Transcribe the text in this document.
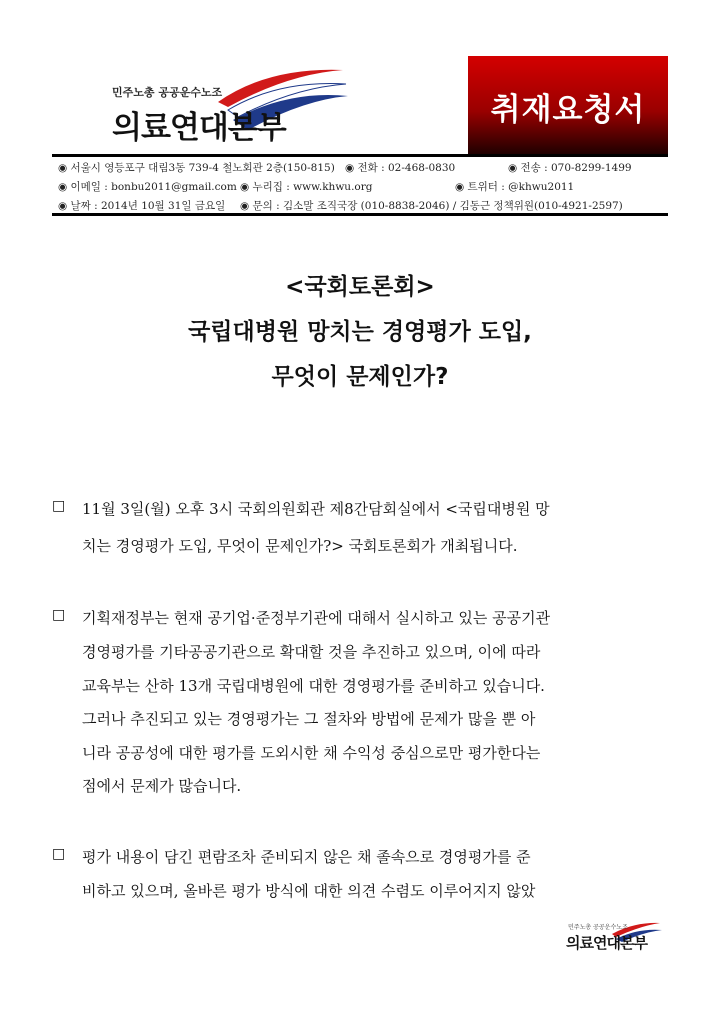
민주노총 공공운수노조
의료연대본부
취재요청서
◉ 서울시 영등포구 대림3동 739-4 철노회관 2층(150-815) ◉ 전화 : 02-468-0830	◉ 전송 : 070-8299-1499
◉ 이메일 : bonbu2011@gmail.com ◉ 누리집 : www.khwu.org	◉ 트위터 : @khwu2011
◉ 날짜 : 2014년 10월 31일 금요일 ◉ 문의 : 김소말 조직국장 (010-8838-2046) / 김동근 정책위원(010-4921-2597)
<국회토론회>
국립대병원 망치는 경영평가 도입,
무엇이 문제인가?
□ 11월 3일(월) 오후 3시 국회의원회관 제8간담회실에서 <국립대병원 망
치는 경영평가 도입, 무엇이 문제인가?> 국회토론회가 개최됩니다.
□ 기획재정부는 현재 공기업·준정부기관에 대해서 실시하고 있는 공공기관
경영평가를 기타공공기관으로 확대할 것을 추진하고 있으며, 이에 따라
교육부는 산하 13개 국립대병원에 대한 경영평가를 준비하고 있습니다.
그러나 추진되고 있는 경영평가는 그 절차와 방법에 문제가 많을 뿐 아
니라 공공성에 대한 평가를 도외시한 채 수익성 중심으로만 평가한다는
점에서 문제가 많습니다.
□ 평가 내용이 담긴 편람조차 준비되지 않은 채 졸속으로 경영평가를 준
비하고 있으며, 올바른 평가 방식에 대한 의견 수렴도 이루어지지 않았
민주노총 공공운수노조
의료연대본부
